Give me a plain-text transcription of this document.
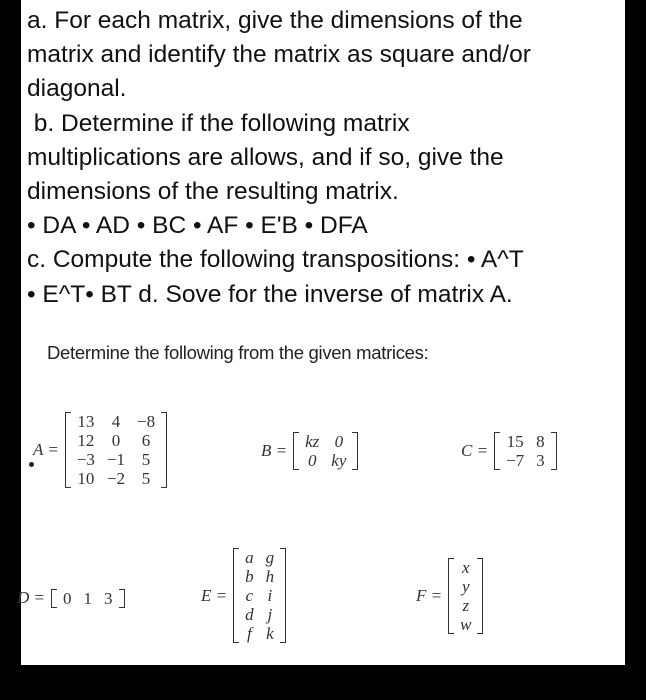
a. For each matrix, give the dimensions of the
matrix and identify the matrix as square and/or
diagonal.
b. Determine if the following matrix
multiplications are allows, and if so, give the
dimensions of the resulting matrix.
• DA • AD • BC • AF • E'B • DFA
c. Compute the following transpositions: • A^T
• E^T• BT d. Sove for the inverse of matrix A.
Determine the following from the given matrices:
A =
13	4	−8
12	0	6
−3	−1	5
10	−2	5
B = kz	0
0	ky
C = 15	8
−7	3
D = 0	1	3	E =
a	g
b	h
c	i
d	j
f	k
F =
x
y
z
w
